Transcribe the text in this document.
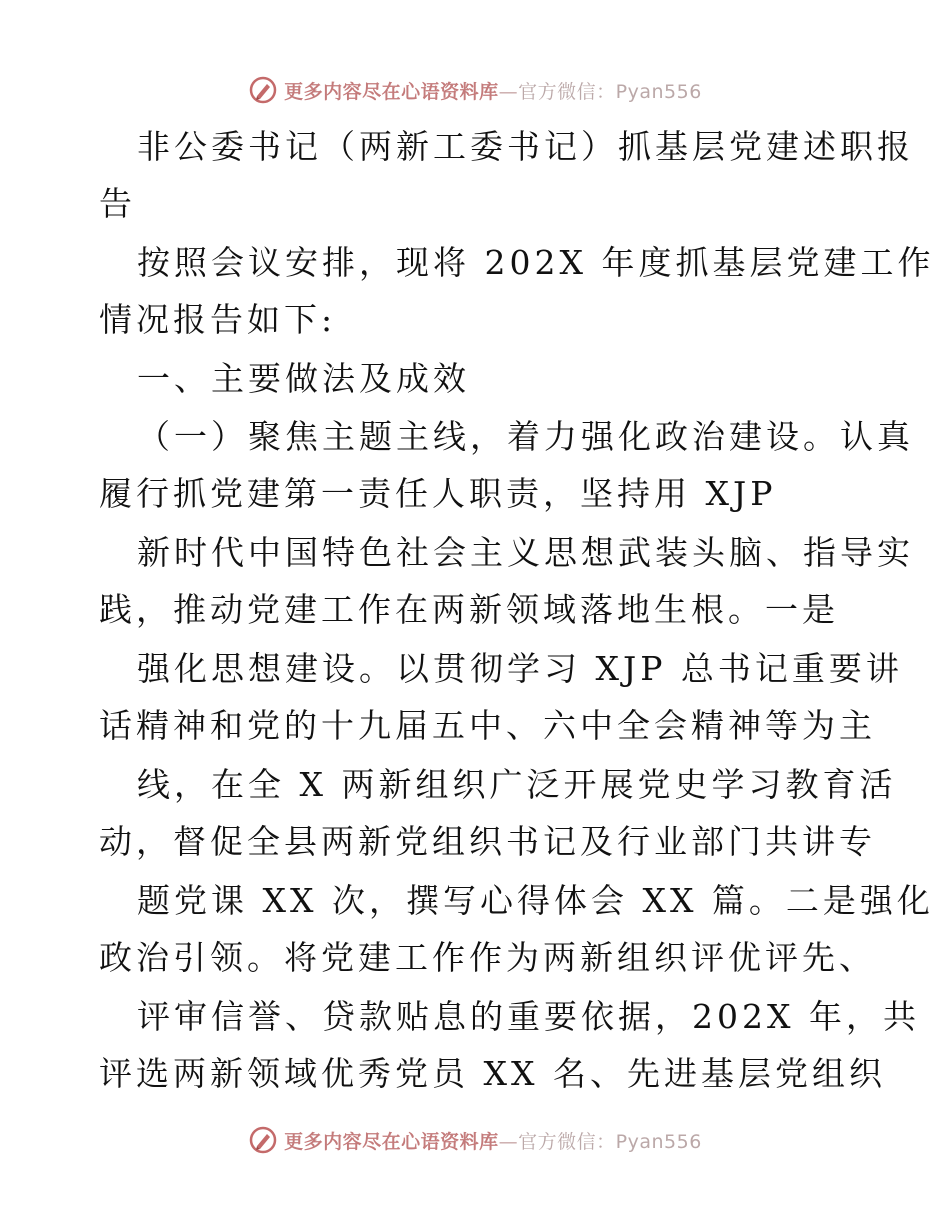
更多内容尽在心语资料库—官方微信：Pyan556
非公委书记（两新工委书记）抓基层党建述职报
告
按照会议安排，现将 202X 年度抓基层党建工作
情况报告如下:
一、主要做法及成效
（一）聚焦主题主线，着力强化政治建设。认真
履行抓党建第一责任人职责，坚持用 XJP
新时代中国特色社会主义思想武装头脑、指导实
践，推动党建工作在两新领域落地生根。一是
强化思想建设。以贯彻学习 XJP 总书记重要讲
话精神和党的十九届五中、六中全会精神等为主
线，在全 X 两新组织广泛开展党史学习教育活
动，督促全县两新党组织书记及行业部门共讲专
题党课 XX 次，撰写心得体会 XX 篇。二是强化
政治引领。将党建工作作为两新组织评优评先、
评审信誉、贷款贴息的重要依据，202X 年，共
评选两新领域优秀党员 XX 名、先进基层党组织
更多内容尽在心语资料库—官方微信：Pyan556
